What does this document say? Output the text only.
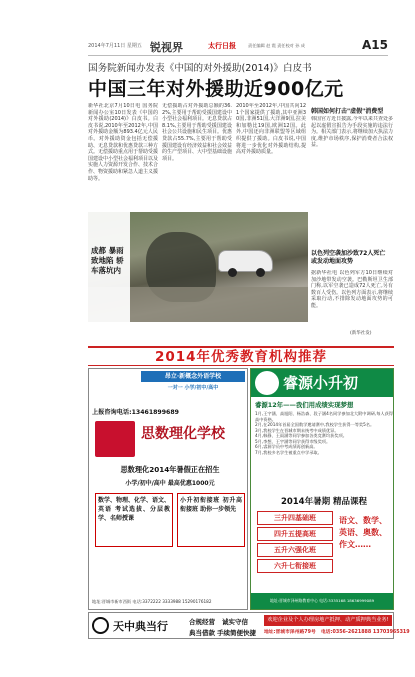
2014年7月11日 星期五 锐视界	太行日报	责任编辑 赵 霞 责任校对 孙 成	A15
国务院新闻办发表《中国的对外援助(2014)》白皮书
中国三年对外援助近900亿元
新华社北京7月10日电 国务院新闻办公室10日发表《中国的对外援助(2014)》白皮书。白皮书说,2010年至2012年,中国对外援助金额为893.4亿元人民币。对外援助资金包括无偿援助、无息贷款和优惠贷款三种方式。无偿援助重点用于帮助受援国建设中小型社会福利项目以及实施人力资源开发合作、技术合作、物资援助和紧急人道主义援助等。
无偿援助占对外援助总额的36.2%,主要用于帮助受援国建设中小型社会福利项目。无息贷款占8.1%,主要用于帮助受援国建设社会公共设施和民生项目。优惠贷款占55.7%,主要用于帮助受援国建设有经济效益和社会效益的生产型项目、大中型基础设施项目。
2010年至2012年,中国共向121个国家提供了援助,其中亚洲30国,非洲51国,大洋洲9国,拉美和加勒比19国,欧洲12国。此外,中国还向非洲联盟等区域组织提供了援助。白皮书说,中国将进一步优化对外援助结构,提高对外援助质量。
韩国如何打击"虚假"消费型
韩国官方近日披露,今年以来共查处多起以虚假宣报告为手段实施的违法行为。相关部门表示,将继续加大执法力度,维护市场秩序,保护消费者合法权益。
成都 暴雨致地陷 轿车落坑内
以色列空袭加沙致72人死亡 或发动地面攻势
据新华社电 以色列军方10日继续对加沙地带发动空袭。巴勒斯坦卫生部门称,以军空袭已造成72人死亡,另有数百人受伤。以色列方面表示,将继续采取行动,不排除发动地面攻势的可能。
(新华社发)
2014年优秀教育机构推荐
昂立·新概念外语学校
一对一 小学/初中/高中
上报咨询电话:13461899689
思数理化学校
思数理化2014年暑假正在招生
小学/初中/高中 最高优惠1000元
数学、物理、化学、语文、英语 考试选拔、分层教学、名师授课
小升初衔接班 初升高衔接班 助你一步领先
地址:晋城市新市西街 电话:3372222 3333988 15290176182
睿源小升初
睿源12年——我们用成绩实现梦想
1月,王宇涵、高旭阳、杨浩森、段子涵4名同学参加北大附中调研,每人获得高中资格。
2月,在2014年首届全国数学邀请赛中,我校学生获得一等奖5名。
3月,我校学生在晋城市期末统考中成绩优异。
4月,韩静、王雨涵等同学参加各类竞赛均获奖项。
5月,李想、王宇涵等同学获得市级奖项。
6月,睿源学员中考成绩再创新高。
7月,我校多名学生被重点中学录取。
2014年暑期 精品课程
三升四基础班
四升五提高班
五升六强化班
六升七衔接班
语文、数学、英语、奥数、作文……
地址:晋城市泽州路教育中心 电话:3335168 18636999089
天中典当行	合规经营 诚实守信
典当借款 手续简便快捷
欢迎企业及个人办理房地产抵押、动产质押典当业务!
地址:晋城市泽州路79号 电话:0356-2621888 13703965319
